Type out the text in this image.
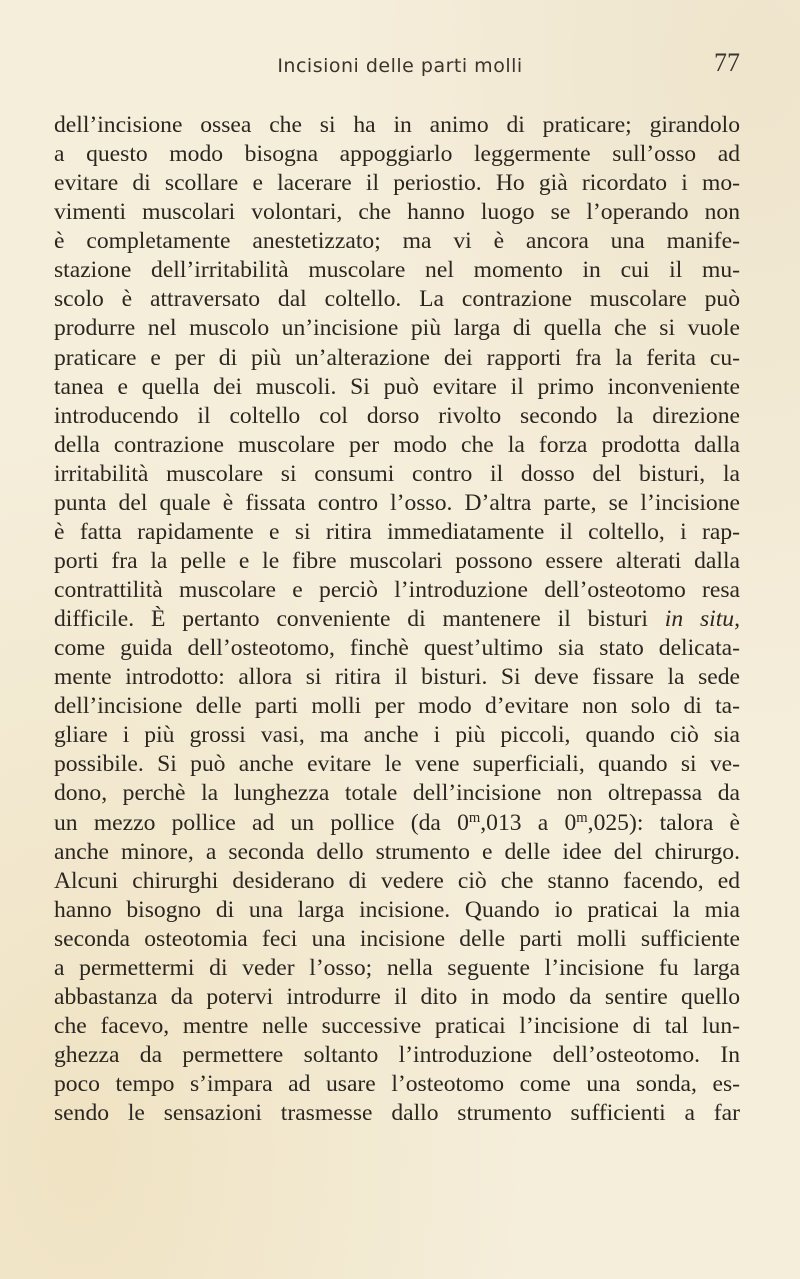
Incisioni delle parti molli	77
dell’incisione ossea che si ha in animo di praticare; girandolo
a questo modo bisogna appoggiarlo leggermente sull’osso ad
evitare di scollare e lacerare il periostio. Ho già ricordato i mo-
vimenti muscolari volontari, che hanno luogo se l’operando non
è completamente anestetizzato; ma vi è ancora una manife-
stazione dell’irritabilità muscolare nel momento in cui il mu-
scolo è attraversato dal coltello. La contrazione muscolare può
produrre nel muscolo un’incisione più larga di quella che si vuole
praticare e per di più un’alterazione dei rapporti fra la ferita cu-
tanea e quella dei muscoli. Si può evitare il primo inconveniente
introducendo il coltello col dorso rivolto secondo la direzione
della contrazione muscolare per modo che la forza prodotta dalla
irritabilità muscolare si consumi contro il dosso del bisturi, la
punta del quale è fissata contro l’osso. D’altra parte, se l’incisione
è fatta rapidamente e si ritira immediatamente il coltello, i rap-
porti fra la pelle e le fibre muscolari possono essere alterati dalla
contrattilità muscolare e perciò l’introduzione dell’osteotomo resa
difficile. È pertanto conveniente di mantenere il bisturi in situ,
come guida dell’osteotomo, finchè quest’ultimo sia stato delicata-
mente introdotto: allora si ritira il bisturi. Si deve fissare la sede
dell’incisione delle parti molli per modo d’evitare non solo di ta-
gliare i più grossi vasi, ma anche i più piccoli, quando ciò sia
possibile. Si può anche evitare le vene superficiali, quando si ve-
dono, perchè la lunghezza totale dell’incisione non oltrepassa da
un mezzo pollice ad un pollice (da 0$^m$,013 a 0$^m$,025): talora è
anche minore, a seconda dello strumento e delle idee del chirurgo.
Alcuni chirurghi desiderano di vedere ciò che stanno facendo, ed
hanno bisogno di una larga incisione. Quando io praticai la mia
seconda osteotomia feci una incisione delle parti molli sufficiente
a permettermi di veder l’osso; nella seguente l’incisione fu larga
abbastanza da potervi introdurre il dito in modo da sentire quello
che facevo, mentre nelle successive praticai l’incisione di tal lun-
ghezza da permettere soltanto l’introduzione dell’osteotomo. In
poco tempo s’impara ad usare l’osteotomo come una sonda, es-
sendo le sensazioni trasmesse dallo strumento sufficienti a far
